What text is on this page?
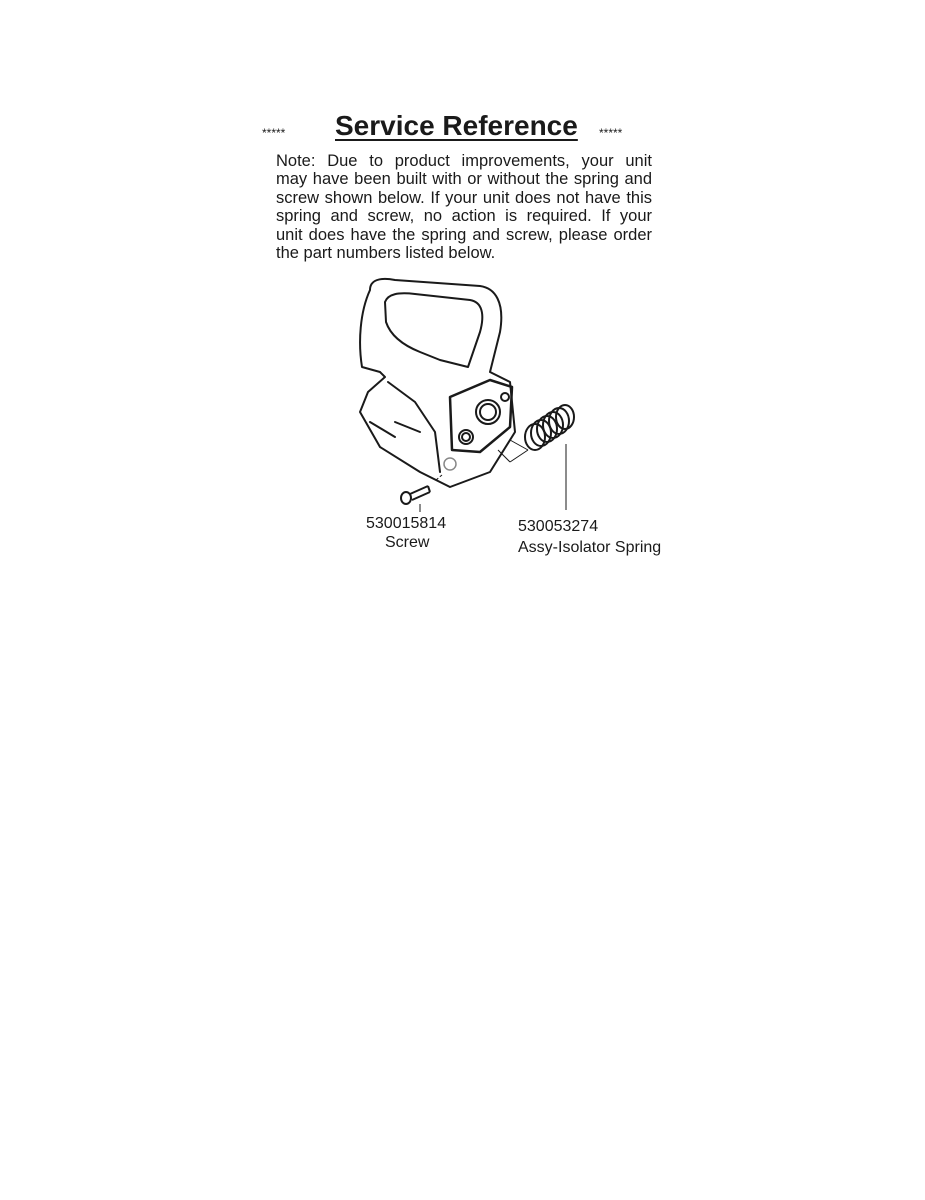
***** Service Reference *****
Note: Due to product improvements, your unit
may have been built with or without the spring and
screw shown below. If your unit does not have this
spring and screw, no action is required. If your
unit does have the spring and screw, please order
the part numbers listed below.
530015814
Screw
530053274
Assy-Isolator Spring
